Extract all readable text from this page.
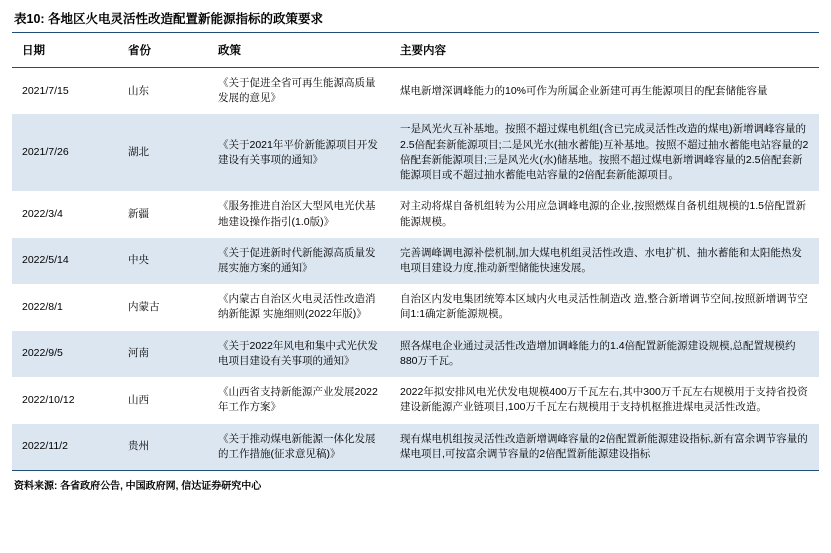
表10: 各地区火电灵活性改造配置新能源指标的政策要求
日期	省份	政策	主要内容
2021/7/15	山东	《关于促进全省可再生能源高质量发展的意见》	煤电新增深调峰能力的10%可作为所属企业新建可再生能源项目的配套储能容量
2021/7/26	湖北	《关于2021年平价新能源项目开发建设有关事项的通知》	一是风光火互补基地。按照不超过煤电机组(含已完成灵活性改造的煤电)新增调峰容量的2.5倍配套新能源项目;二是风光水(抽水蓄能)互补基地。按照不超过抽水蓄能电站容量的2倍配套新能源项目;三是风光火(水)储基地。按照不超过煤电新增调峰容量的2.5倍配套新能源项目或不超过抽水蓄能电站容量的2倍配套新能源项目。
2022/3/4	新疆	《服务推进自治区大型风电光伏基地建设操作指引(1.0版)》	对主动将煤自备机组转为公用应急调峰电源的企业,按照燃煤自备机组规模的1.5倍配置新能源规模。
2022/5/14	中央	《关于促进新时代新能源高质量发展实施方案的通知》	完善调峰调电源补偿机制,加大煤电机组灵活性改造、水电扩机、抽水蓄能和太阳能热发电项目建设力度,推动新型储能快速发展。
2022/8/1	内蒙古	《内蒙古自治区火电灵活性改造消纳新能源 实施细则(2022年版)》	自治区内发电集团统筹本区域内火电灵活性制造改 造,整合新增调节空间,按照新增调节空间1:1确定新能源规模。
2022/9/5	河南	《关于2022年风电和集中式光伏发电项目建设有关事项的通知》	照各煤电企业通过灵活性改造增加调峰能力的1.4倍配置新能源建设规模,总配置规模约880万千瓦。
2022/10/12	山西	《山西省支持新能源产业发展2022年工作方案》	2022年拟安排风电光伏发电规模400万千瓦左右,其中300万千瓦左右规模用于支持省投资建设新能源产业链项目,100万千瓦左右规模用于支持机枢推进煤电灵活性改造。
2022/11/2	贵州	《关于推动煤电新能源一体化发展的工作措施(征求意见稿)》	现有煤电机组按灵活性改造新增调峰容量的2倍配置新能源建设指标,新有富余调节容量的煤电项目,可按富余调节容量的2倍配置新能源建设指标
资料来源: 各省政府公告, 中国政府网, 信达证券研究中心
